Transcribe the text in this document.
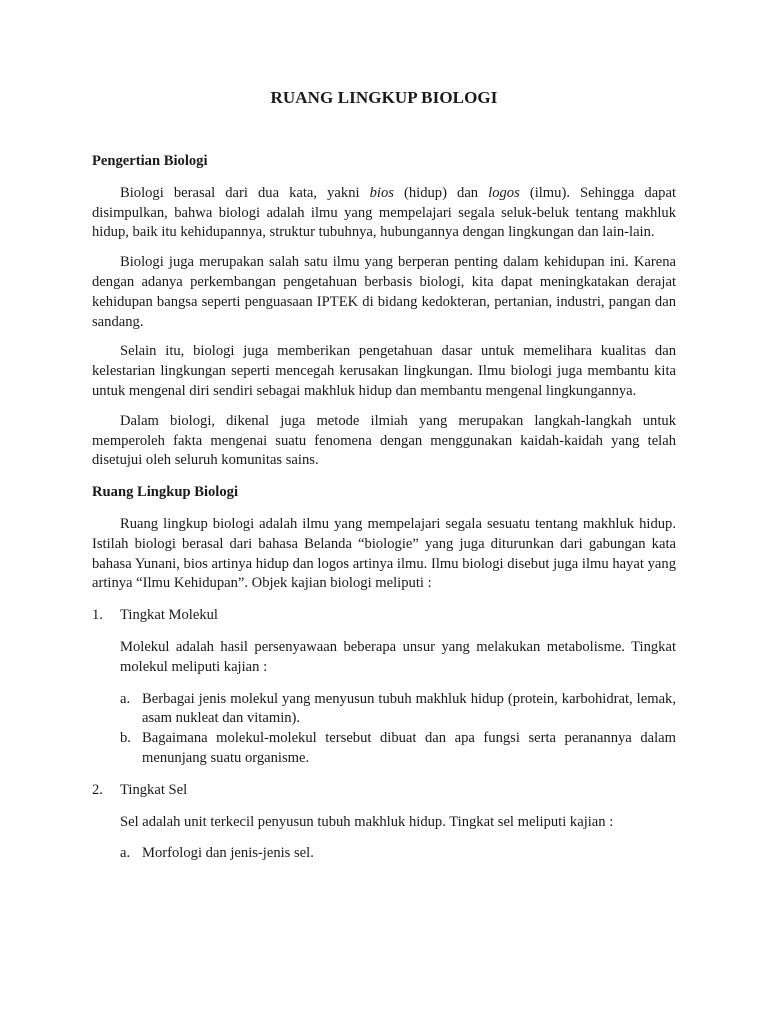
RUANG LINGKUP BIOLOGI
Pengertian Biologi
Biologi berasal dari dua kata, yakni bios (hidup) dan logos (ilmu). Sehingga dapat disimpulkan, bahwa biologi adalah ilmu yang mempelajari segala seluk-beluk tentang makhluk hidup, baik itu kehidupannya, struktur tubuhnya, hubungannya dengan lingkungan dan lain-lain.
Biologi juga merupakan salah satu ilmu yang berperan penting dalam kehidupan ini. Karena dengan adanya perkembangan pengetahuan berbasis biologi, kita dapat meningkatakan derajat kehidupan bangsa seperti penguasaan IPTEK di bidang kedokteran, pertanian, industri, pangan dan sandang.
Selain itu, biologi juga memberikan pengetahuan dasar untuk memelihara kualitas dan kelestarian lingkungan seperti mencegah kerusakan lingkungan. Ilmu biologi juga membantu kita untuk mengenal diri sendiri sebagai makhluk hidup dan membantu mengenal lingkungannya.
Dalam biologi, dikenal juga metode ilmiah yang merupakan langkah-langkah untuk memperoleh fakta mengenai suatu fenomena dengan menggunakan kaidah-kaidah yang telah disetujui oleh seluruh komunitas sains.
Ruang Lingkup Biologi
Ruang lingkup biologi adalah ilmu yang mempelajari segala sesuatu tentang makhluk hidup. Istilah biologi berasal dari bahasa Belanda “biologie” yang juga diturunkan dari gabungan kata bahasa Yunani, bios artinya hidup dan logos artinya ilmu. Ilmu biologi disebut juga ilmu hayat yang artinya “Ilmu Kehidupan”. Objek kajian biologi meliputi :
1.	Tingkat Molekul
Molekul adalah hasil persenyawaan beberapa unsur yang melakukan metabolisme. Tingkat molekul meliputi kajian :
a. Berbagai jenis molekul yang menyusun tubuh makhluk hidup (protein, karbohidrat, lemak, asam nukleat dan vitamin).
b. Bagaimana molekul-molekul tersebut dibuat dan apa fungsi serta peranannya dalam menunjang suatu organisme.
2.	Tingkat Sel
Sel adalah unit terkecil penyusun tubuh makhluk hidup. Tingkat sel meliputi kajian :
a. Morfologi dan jenis-jenis sel.
